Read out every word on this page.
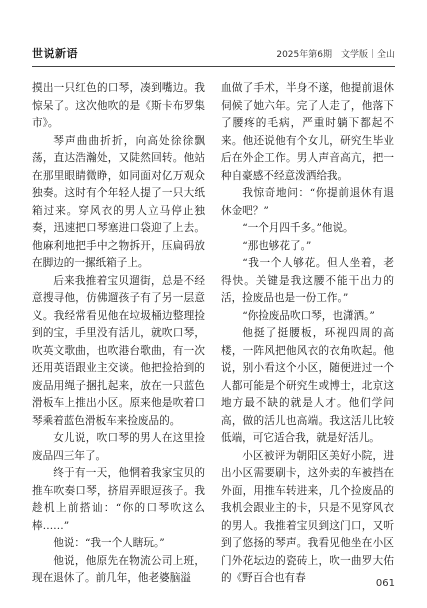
世说新语	2025年第6期　文学版｜全山

摸出一只红色的口琴，凑到嘴边。我惊呆了。这次他吹的是《斯卡布罗集市》。

琴声曲曲折折，向高处徐徐飘荡，直达浩瀚处，又陡然回转。他站在那里眼睛微睁，如同面对亿万观众独奏。这时有个年轻人提了一只大纸箱过来。穿风衣的男人立马停止独奏，迅速把口琴塞进口袋迎了上去。他麻利地把手中之物拆开，压扁码放在脚边的一摞纸箱子上。

后来我推着宝贝遛街，总是不经意搜寻他，仿佛遛孩子有了另一层意义。我经常看见他在垃圾桶边整理捡到的宝，手里没有活儿，就吹口琴，吹英文歌曲，也吹港台歌曲，有一次还用英语跟业主交谈。他把捡拾到的废品用绳子捆扎起来，放在一只蓝色滑板车上推出小区。原来他是吹着口琴乘着蓝色滑板车来捡废品的。

女儿说，吹口琴的男人在这里捡废品四三年了。

终于有一天，他惘着我家宝贝的推车吹奏口琴，挤眉弄眼逗孩子。我趁机上前搭讪：“你的口琴吹这么棒……”

他说：“我一个人瞎玩。”

他说，他原先在物流公司上班，现在退休了。前几年，他老婆脑溢

血做了手术，半身不遂，他提前退休伺候了她六年。完了人走了，他落下了腰疼的毛病，严重时躺下都起不来。他还说他有个女儿，研究生毕业后在外企工作。男人声音高亢，把一种自豪感不经意泼洒给我。

我惊奇地问：“你提前退休有退休金吧？”

“一个月四千多。”他说。

“那也够花了。”

“我一个人够花。但人坐着，老得快。关键是我这腰不能干出力的活，捡废品也是一份工作。”

“你捡废品吹口琴，也潇洒。”

他挺了挺腰板，环视四周的高楼，一阵风把他风衣的衣角吹起。他说，别小看这个小区，随便进过一个人都可能是个研究生或博士，北京这地方最不缺的就是人才。他们学问高，做的活儿也高端。我这活儿比较低端，可它适合我，就是好活儿。

小区被评为朝阳区美好小院，进出小区需要刷卡，这外卖的车被挡在外面，用推车转进来，几个捡废品的我机会跟业主的卡，只是不见穿风衣的男人。我推着宝贝到这门口，又听到了悠扬的琴声。我看见他坐在小区门外花坛边的瓷砖上，吹一曲罗大佑的《野百合也有春	061
